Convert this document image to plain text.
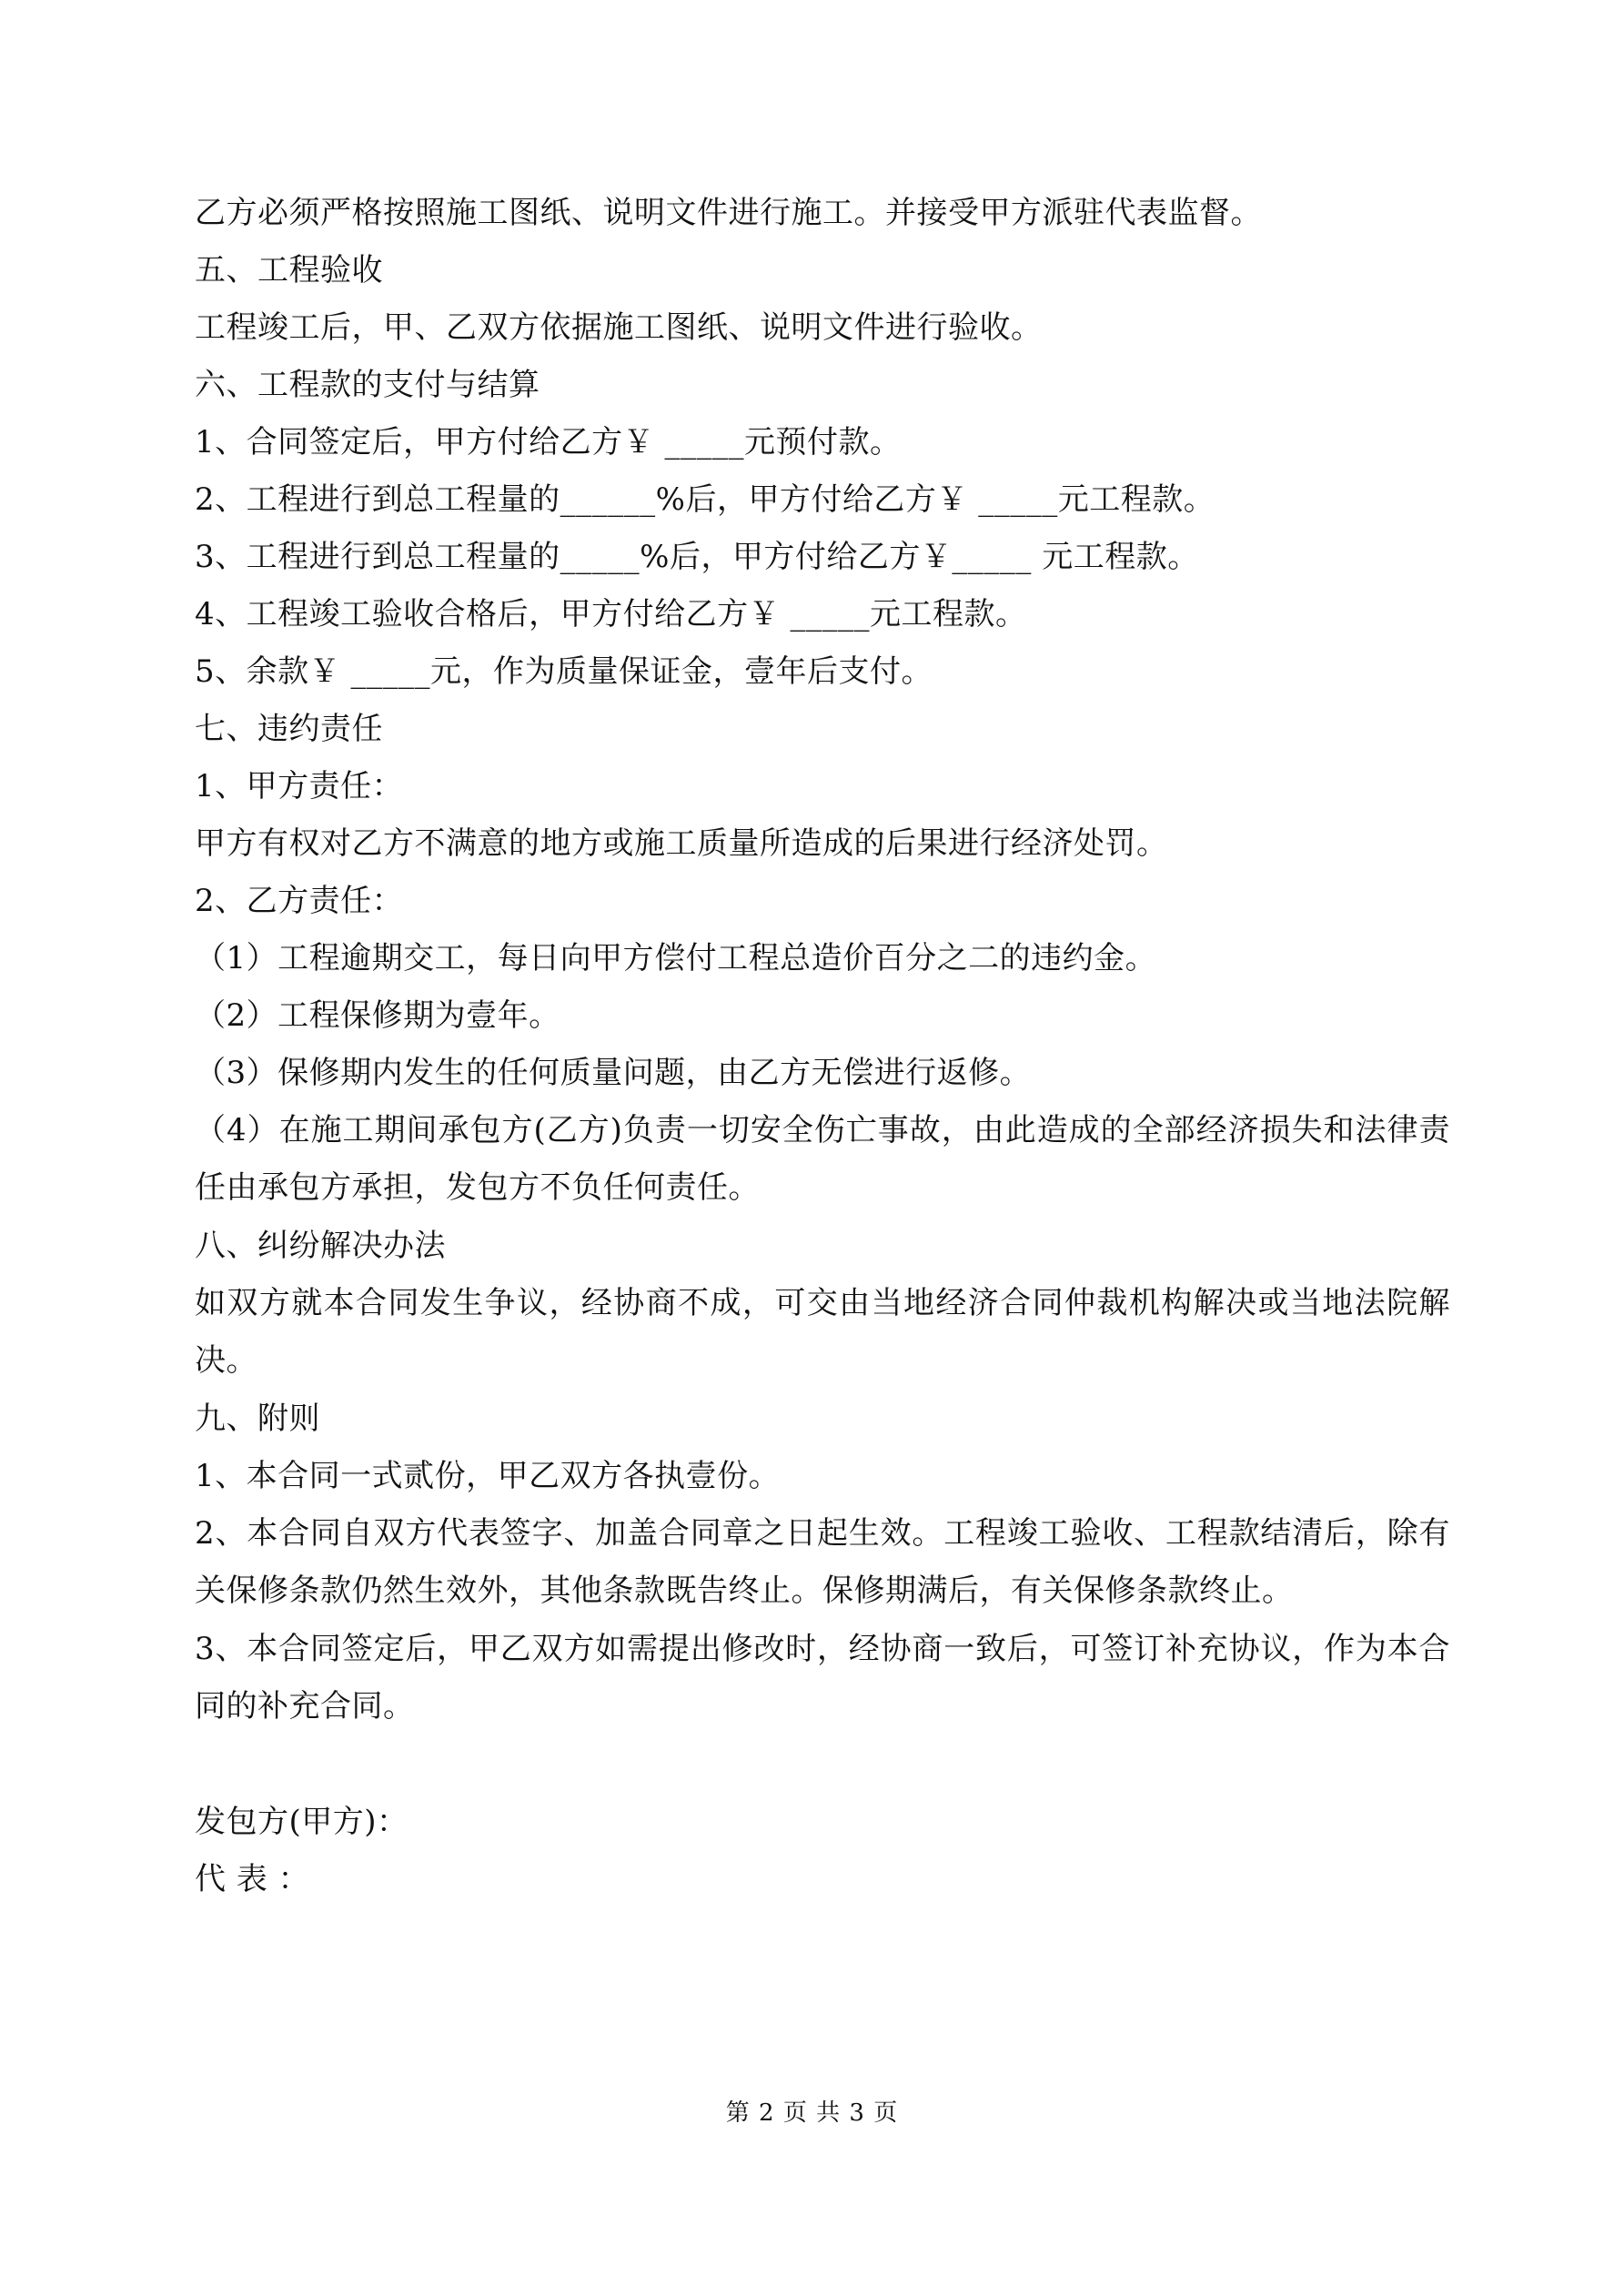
乙方必须严格按照施工图纸、说明文件进行施工。并接受甲方派驻代表监督。
五、工程验收
工程竣工后，甲、乙双方依据施工图纸、说明文件进行验收。
六、工程款的支付与结算
1、合同签定后，甲方付给乙方￥ _____元预付款。
2、工程进行到总工程量的______%后，甲方付给乙方￥ _____元工程款。
3、工程进行到总工程量的_____%后，甲方付给乙方￥_____ 元工程款。
4、工程竣工验收合格后，甲方付给乙方￥ _____元工程款。
5、余款￥ _____元，作为质量保证金，壹年后支付。
七、违约责任
1、甲方责任：
甲方有权对乙方不满意的地方或施工质量所造成的后果进行经济处罚。
2、乙方责任：
（1）工程逾期交工，每日向甲方偿付工程总造价百分之二的违约金。
（2）工程保修期为壹年。
（3）保修期内发生的任何质量问题，由乙方无偿进行返修。
（4）在施工期间承包方(乙方)负责一切安全伤亡事故，由此造成的全部经济损失和法律责任由承包方承担，发包方不负任何责任。
八、纠纷解决办法
如双方就本合同发生争议，经协商不成，可交由当地经济合同仲裁机构解决或当地法院解决。
九、附则
1、本合同一式贰份，甲乙双方各执壹份。
2、本合同自双方代表签字、加盖合同章之日起生效。工程竣工验收、工程款结清后，除有关保修条款仍然生效外，其他条款既告终止。保修期满后，有关保修条款终止。
3、本合同签定后，甲乙双方如需提出修改时，经协商一致后，可签订补充协议，作为本合同的补充合同。
发包方(甲方)：
代 表 ：
第 2 页 共 3 页
